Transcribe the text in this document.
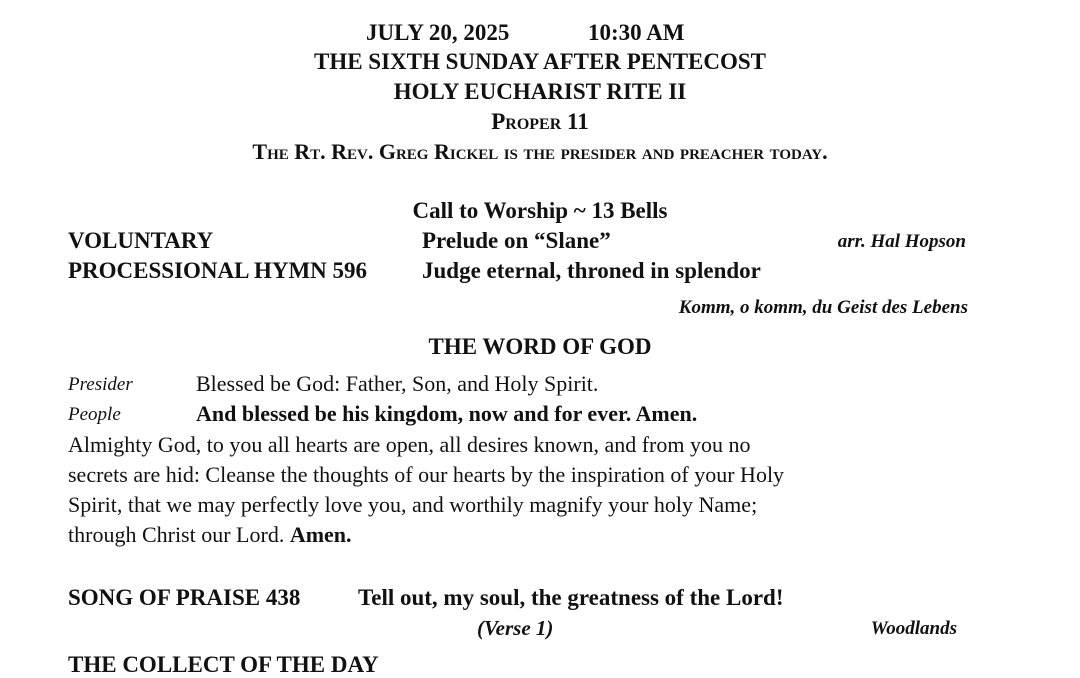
JULY 20, 2025	10:30 AM
THE SIXTH SUNDAY AFTER PENTECOST
HOLY EUCHARIST RITE II
Proper 11
The Rt. Rev. Greg Rickel is the presider and preacher today.
Call to Worship ~ 13 Bells
VOLUNTARY	Prelude on “Slane”	arr. Hal Hopson
PROCESSIONAL HYMN 596 Judge eternal, throned in splendor
Komm, o komm, du Geist des Lebens
THE WORD OF GOD
Presider	Blessed be God: Father, Son, and Holy Spirit.
People	And blessed be his kingdom, now and for ever. Amen.
Almighty God, to you all hearts are open, all desires known, and from you no
secrets are hid: Cleanse the thoughts of our hearts by the inspiration of your Holy
Spirit, that we may perfectly love you, and worthily magnify your holy Name;
through Christ our Lord. Amen.
SONG OF PRAISE 438	Tell out, my soul, the greatness of the Lord!
(Verse 1)	Woodlands
THE COLLECT OF THE DAY
